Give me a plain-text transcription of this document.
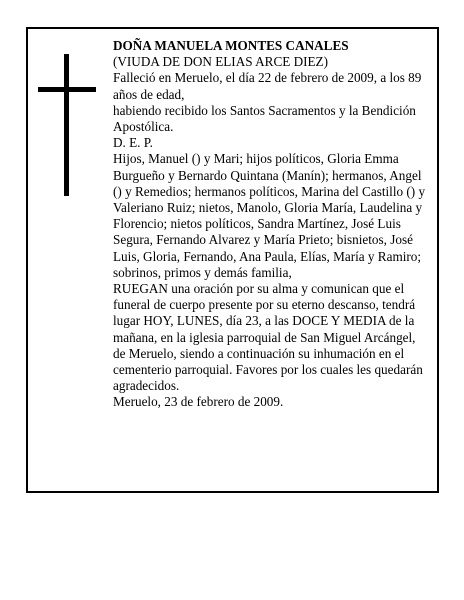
DOÑA MANUELA MONTES CANALES

(VIUDA DE DON ELIAS ARCE DIEZ)

Falleció en Meruelo, el día 22 de febrero de 2009, a los 89 años de edad,

habiendo recibido los Santos Sacramentos y la Bendición Apostólica.

D. E. P.

Hijos, Manuel () y Mari; hijos políticos, Gloria Emma Burgueño y Bernardo Quintana (Manín); hermanos, Angel () y Remedios; hermanos políticos, Marina del Castillo () y Valeriano Ruiz; nietos, Manolo, Gloria María, Laudelina y Florencio; nietos políticos, Sandra Martínez, José Luis Segura, Fernando Alvarez y María Prieto; bisnietos, José Luis, Gloria, Fernando, Ana Paula, Elías, María y Ramiro; sobrinos, primos y demás familia,

RUEGAN una oración por su alma y comunican que el funeral de cuerpo presente por su eterno descanso, tendrá lugar HOY, LUNES, día 23, a las DOCE Y MEDIA de la mañana, en la iglesia parroquial de San Miguel Arcángel, de Meruelo, siendo a continuación su inhumación en el cementerio parroquial. Favores por los cuales les quedarán agradecidos.

Meruelo, 23 de febrero de 2009.
